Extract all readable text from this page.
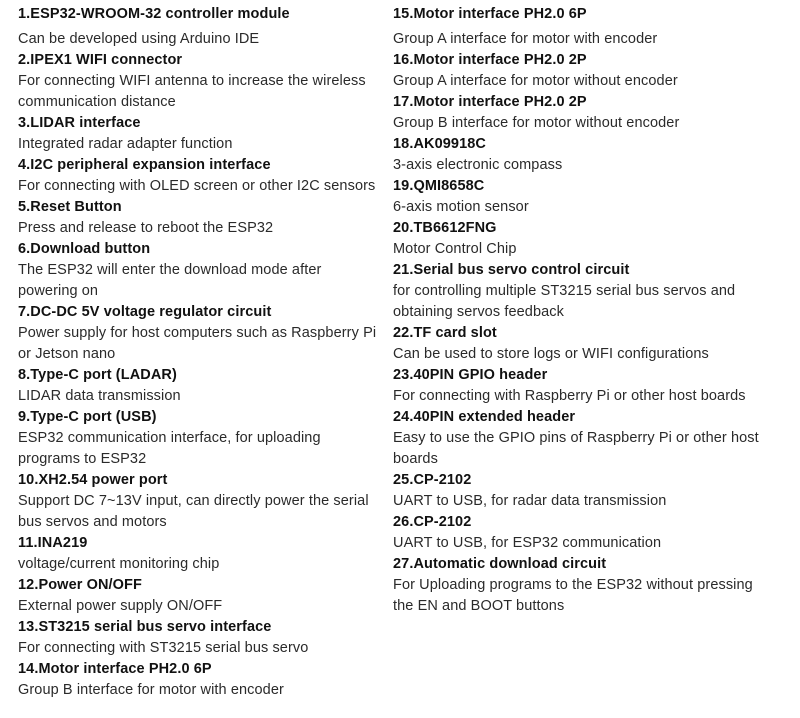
1.ESP32-WROOM-32 controller module
Can be developed using Arduino IDE
2.IPEX1 WIFI connector
For connecting WIFI antenna to increase the wireless
communication distance
3.LIDAR interface
Integrated radar adapter function
4.I2C peripheral expansion interface
For connecting with OLED screen or other I2C sensors
5.Reset Button
Press and release to reboot the ESP32
6.Download button
The ESP32 will enter the download mode after
powering on
7.DC-DC 5V voltage regulator circuit
Power supply for host computers such as Raspberry Pi
or Jetson nano
8.Type-C port (LADAR)
LIDAR data transmission
9.Type-C port (USB)
ESP32 communication interface, for uploading
programs to ESP32
10.XH2.54 power port
Support DC 7~13V input, can directly power the serial
bus servos and motors
11.INA219
voltage/current monitoring chip
12.Power ON/OFF
External power supply ON/OFF
13.ST3215 serial bus servo interface
For connecting with ST3215 serial bus servo
14.Motor interface PH2.0 6P
Group B interface for motor with encoder
15.Motor interface PH2.0 6P
Group A interface for motor with encoder
16.Motor interface PH2.0 2P
Group A interface for motor without encoder
17.Motor interface PH2.0 2P
Group B interface for motor without encoder
18.AK09918C
3-axis electronic compass
19.QMI8658C
6-axis motion sensor
20.TB6612FNG
Motor Control Chip
21.Serial bus servo control circuit
for controlling multiple ST3215 serial bus servos and
obtaining servos feedback
22.TF card slot
Can be used to store logs or WIFI configurations
23.40PIN GPIO header
For connecting with Raspberry Pi or other host boards
24.40PIN extended header
Easy to use the GPIO pins of Raspberry Pi or other host
boards
25.CP-2102
UART to USB, for radar data transmission
26.CP-2102
UART to USB, for ESP32 communication
27.Automatic download circuit
For Uploading programs to the ESP32 without pressing
the EN and BOOT buttons
